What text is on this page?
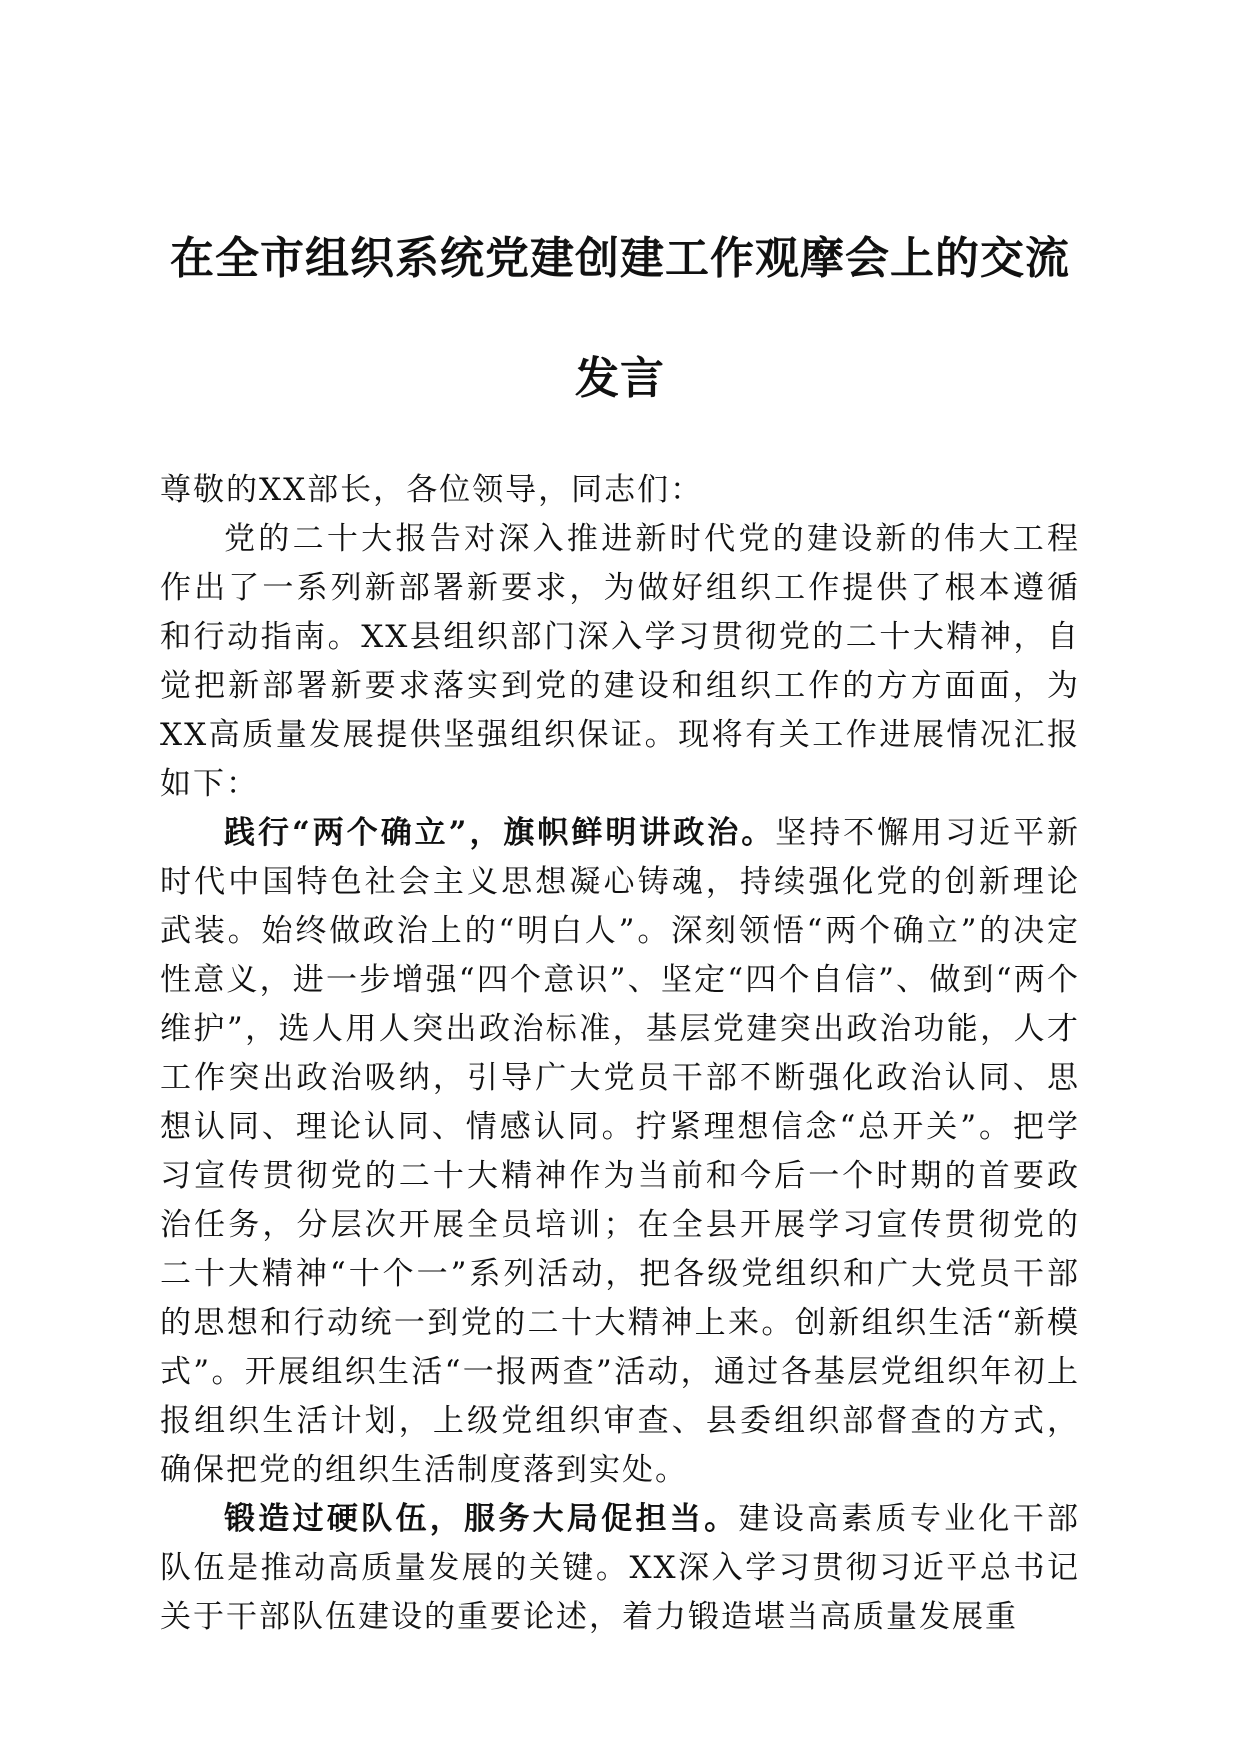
在全市组织系统党建创建工作观摩会上的交流
发言

尊敬的XX部长，各位领导，同志们：

党的二十大报告对深入推进新时代党的建设新的伟大工程作出了一系列新部署新要求，为做好组织工作提供了根本遵循和行动指南。XX县组织部门深入学习贯彻党的二十大精神，自觉把新部署新要求落实到党的建设和组织工作的方方面面，为XX高质量发展提供坚强组织保证。现将有关工作进展情况汇报如下：

践行“两个确立”，旗帜鲜明讲政治。坚持不懈用习近平新时代中国特色社会主义思想凝心铸魂，持续强化党的创新理论武装。始终做政治上的“明白人”。深刻领悟“两个确立”的决定性意义，进一步增强“四个意识”、坚定“四个自信”、做到“两个维护”，选人用人突出政治标准，基层党建突出政治功能，人才工作突出政治吸纳，引导广大党员干部不断强化政治认同、思想认同、理论认同、情感认同。拧紧理想信念“总开关”。把学习宣传贯彻党的二十大精神作为当前和今后一个时期的首要政治任务，分层次开展全员培训；在全县开展学习宣传贯彻党的二十大精神“十个一”系列活动，把各级党组织和广大党员干部的思想和行动统一到党的二十大精神上来。创新组织生活“新模式”。开展组织生活“一报两查”活动，通过各基层党组织年初上报组织生活计划，上级党组织审查、县委组织部督查的方式，确保把党的组织生活制度落到实处。

锻造过硬队伍，服务大局促担当。建设高素质专业化干部队伍是推动高质量发展的关键。XX深入学习贯彻习近平总书记关于干部队伍建设的重要论述，着力锻造堪当高质量发展重
